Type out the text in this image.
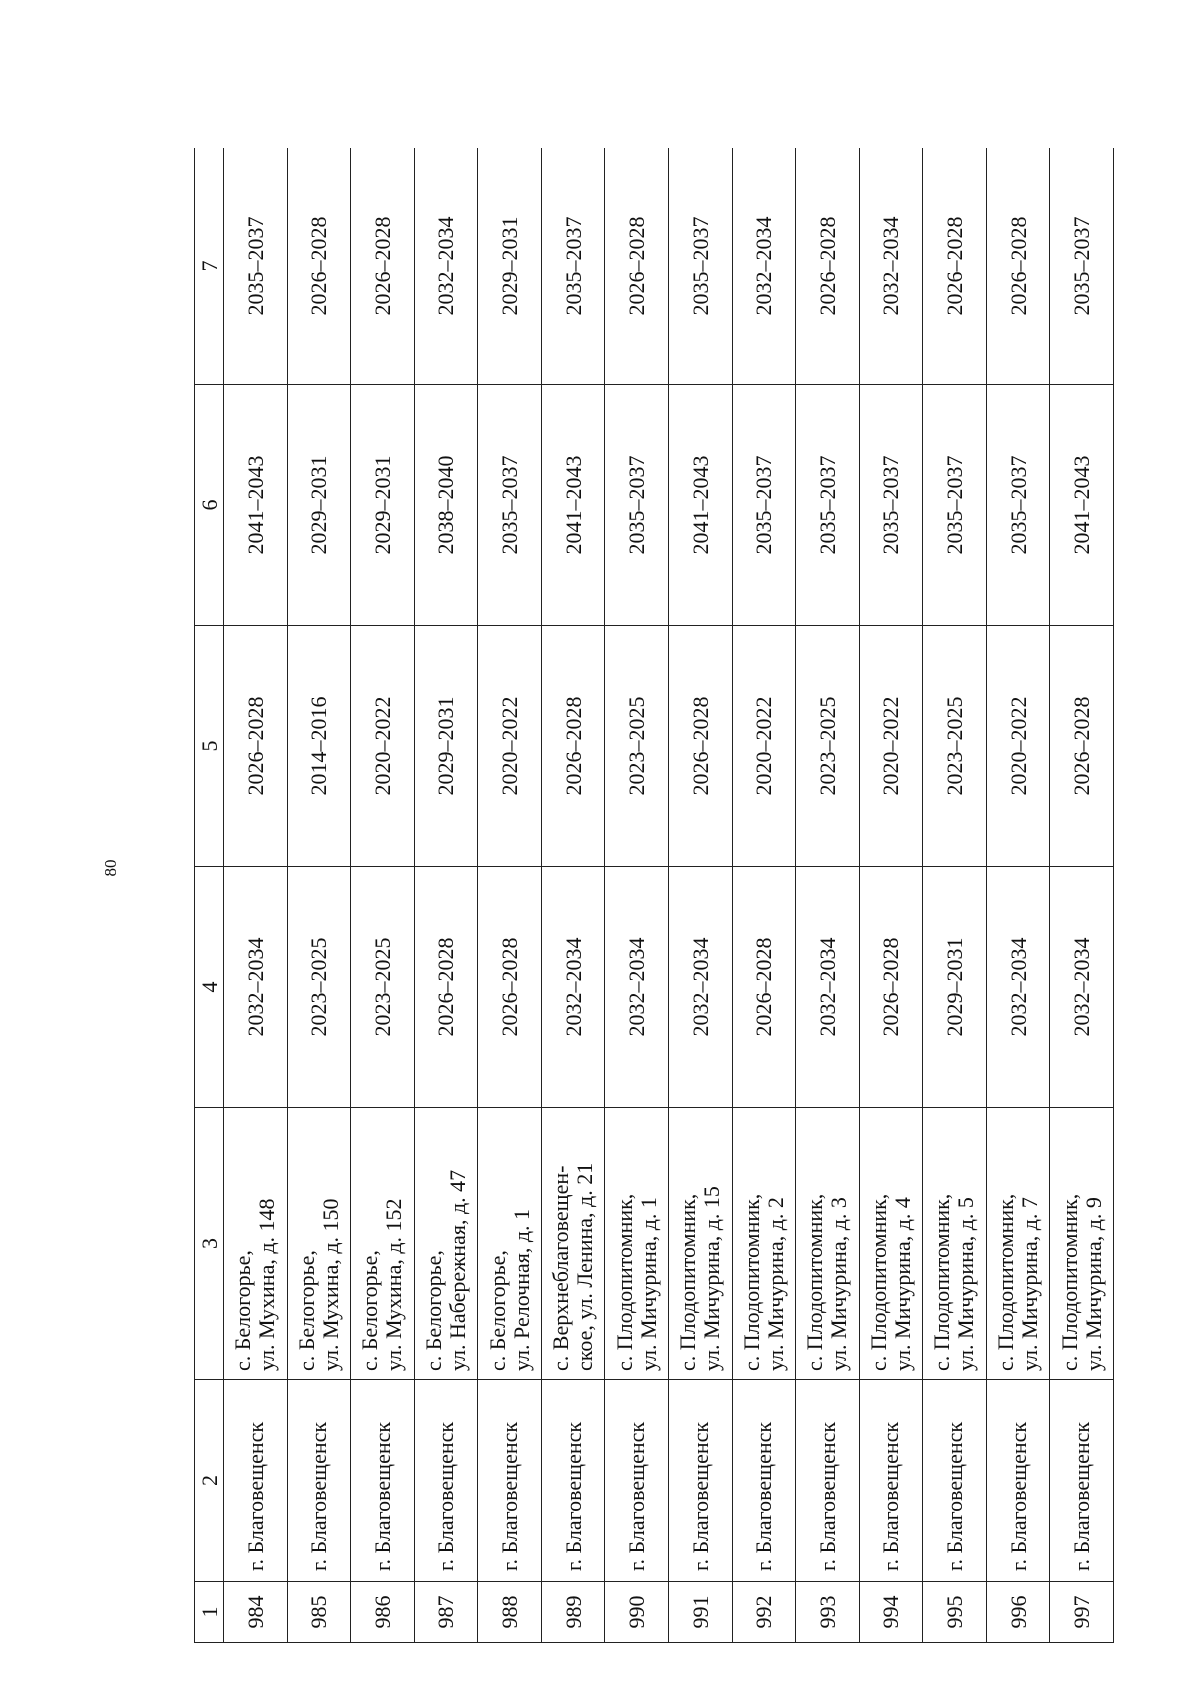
80
1	2	3	4	5	6	7
984	г. Благовещенск	с. Белогорье, ул. Мухина, д. 148	2032–2034	2026–2028	2041–2043	2035–2037
985	г. Благовещенск	с. Белогорье, ул. Мухина, д. 150	2023–2025	2014–2016	2029–2031	2026–2028
986	г. Благовещенск	с. Белогорье, ул. Мухина, д. 152	2023–2025	2020–2022	2029–2031	2026–2028
987	г. Благовещенск	с. Белогорье, ул. Набережная, д. 47	2026–2028	2029–2031	2038–2040	2032–2034
988	г. Благовещенск	с. Белогорье, ул. Релочная, д. 1	2026–2028	2020–2022	2035–2037	2029–2031
989	г. Благовещенск	с. Верхнеблаговещен- ское, ул. Ленина, д. 21	2032–2034	2026–2028	2041–2043	2035–2037
990	г. Благовещенск	с. Плодопитомник, ул. Мичурина, д. 1	2032–2034	2023–2025	2035–2037	2026–2028
991	г. Благовещенск	с. Плодопитомник, ул. Мичурина, д. 15	2032–2034	2026–2028	2041–2043	2035–2037
992	г. Благовещенск	с. Плодопитомник, ул. Мичурина, д. 2	2026–2028	2020–2022	2035–2037	2032–2034
993	г. Благовещенск	с. Плодопитомник, ул. Мичурина, д. 3	2032–2034	2023–2025	2035–2037	2026–2028
994	г. Благовещенск	с. Плодопитомник, ул. Мичурина, д. 4	2026–2028	2020–2022	2035–2037	2032–2034
995	г. Благовещенск	с. Плодопитомник, ул. Мичурина, д. 5	2029–2031	2023–2025	2035–2037	2026–2028
996	г. Благовещенск	с. Плодопитомник, ул. Мичурина, д. 7	2032–2034	2020–2022	2035–2037	2026–2028
997	г. Благовещенск	с. Плодопитомник, ул. Мичурина, д. 9	2032–2034	2026–2028	2041–2043	2035–2037
